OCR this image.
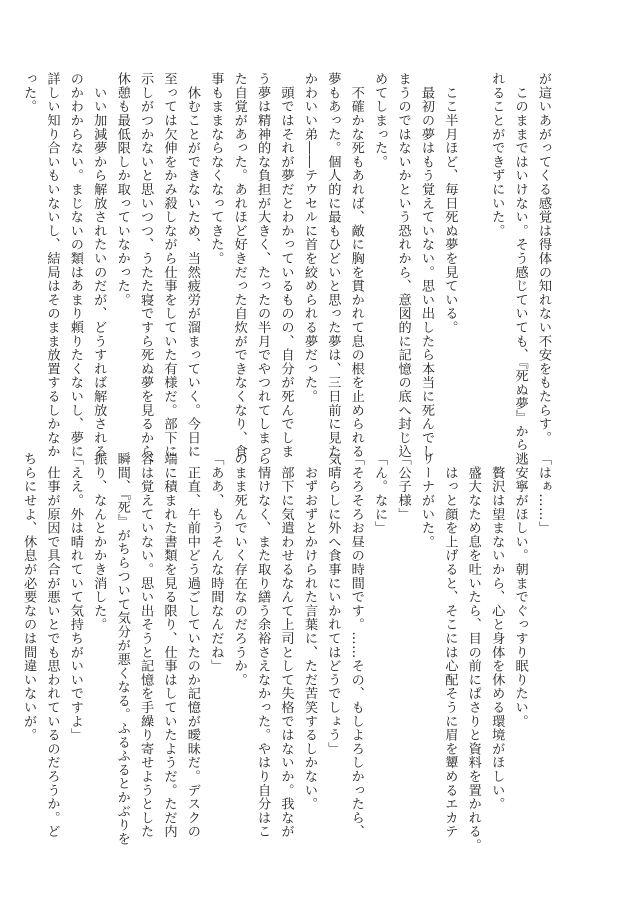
が這いあがってくる感覚は得体の知れない不安をもたらす。
　このままではいけない。そう感じていても、『死ぬ夢』から逃
れることができずにいた。
　ここ半月ほど、毎日死ぬ夢を見ている。
　最初の夢はもう覚えていない。思い出したら本当に死んでし
まうのではないかという恐れから、意図的に記憶の底へ封じ込
めてしまった。
　不確かな死もあれば、敵に胸を貫かれて息の根を止められる
夢もあった。個人的に最もひどいと思った夢は、三日前に見た
かわいい弟――テウセルに首を絞められる夢だった。
　頭ではそれが夢だとわかっているものの、自分が死んでしま
う夢は精神的な負担が大きく、たったの半月でやつれてしまっ
た自覚があった。あれほど好きだった自炊ができなくなり、食
事もままならなくなってきた。
　休むことができないため、当然疲労が溜まっていく。今日に
至っては欠伸をかみ殺しながら仕事をしていた有様だ。部下に
示しがつかないと思いつつ、うたた寝ですら死ぬ夢を見るから、
休憩も最低限しか取っていなかった。
　いい加減夢から解放されたいのだが、どうすれば解放される
のかわからない。まじないの類はあまり頼りたくないし、夢に
詳しい知り合いもいないし、結局はそのまま放置するしかなか
った。
「はぁ……」
　安寧がほしい。朝までぐっすり眠りたい。
　贅沢は望まないから、心と身体を休める環境がほしい。
　盛大なため息を吐いたら、目の前にぱさりと資料を置かれる。
　はっと顔を上げると、そこには心配そうに眉を顰めるエカテ
リーナがいた。
「公子様」
「ん。なに」
「そろそろお昼の時間です。……その、もしよろしかったら、
気晴らしに外へ食事にいかれてはどうでしょう」
　おずおずとかけられた言葉に、ただ苦笑するしかない。
　部下に気遣わせるなんて上司として失格ではないか。我なが
ら情けなく、また取り繕う余裕さえなかった。やはり自分はこ
のまま死んでいく存在なのだろうか。
「ああ、もうそんな時間なんだね」
　正直、午前中どう過ごしていたのか記憶が曖昧だ。デスクの
端に積まれた書類を見る限り、仕事はしていたようだ。ただ内
容は覚えていない。思い出そうと記憶を手繰り寄せようとした
瞬間、『死』がちらついて気分が悪くなる。ふるふるとかぶりを
振り、なんとかかき消した。
「ええ。外は晴れていて気持ちがいいですよ」
　仕事が原因で具合が悪いとでも思われているのだろうか。ど
ちらにせよ、休息が必要なのは間違いないが。
